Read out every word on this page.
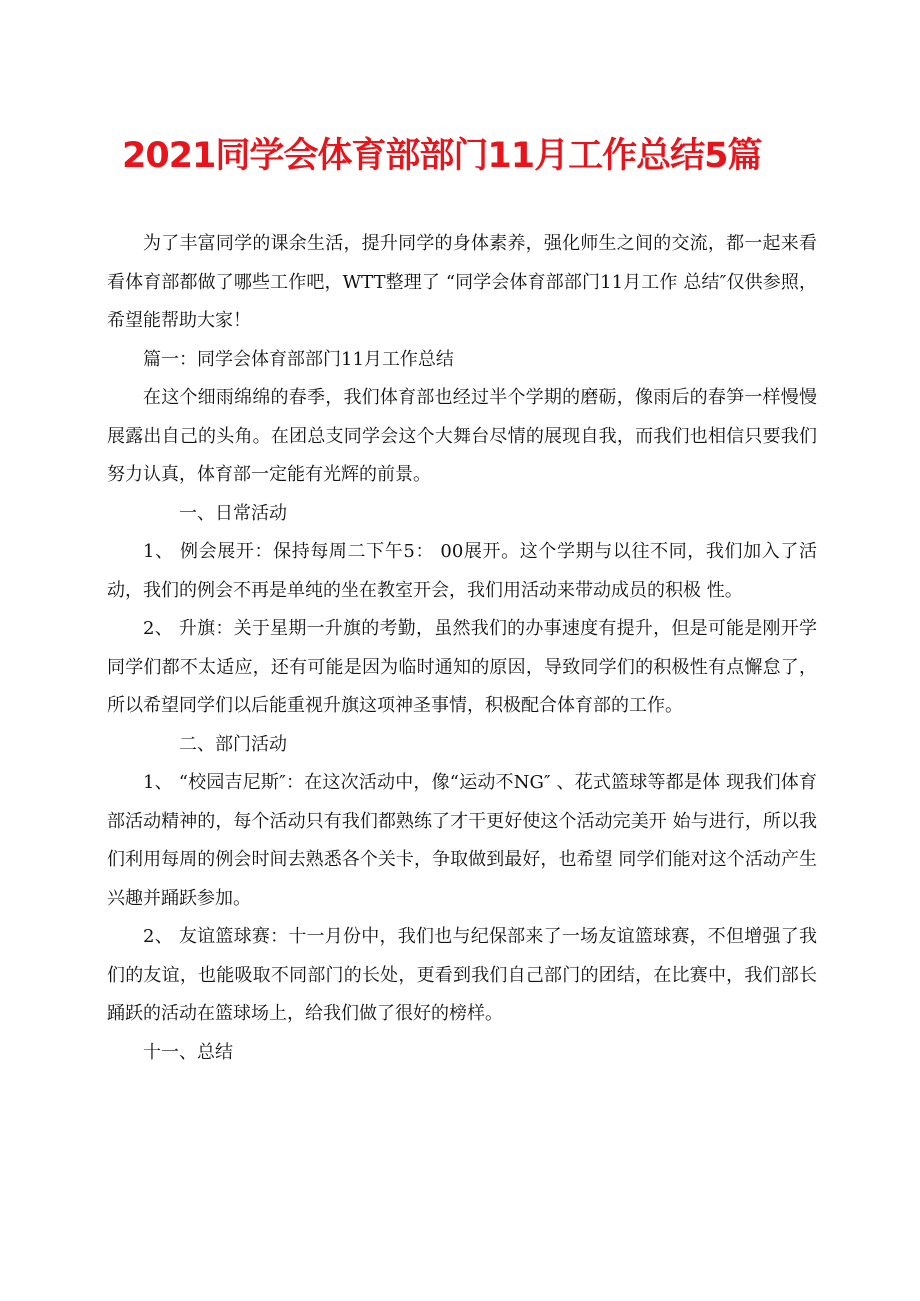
2021同学会体育部部门11月工作总结5篇

为了丰富同学的课余生活，提升同学的身体素养，强化师生之间的交流，都一起来看看体育部都做了哪些工作吧，WTT整理了 “同学会体育部部门11月工作 总结″仅供参照，希望能帮助大家！

篇一：同学会体育部部门11月工作总结

在这个细雨绵绵的春季，我们体育部也经过半个学期的磨砺，像雨后的春笋一样慢慢展露出自己的头角。在团总支同学会这个大舞台尽情的展现自我，而我们也相信只要我们努力认真，体育部一定能有光辉的前景。

一、日常活动

1、 例会展开：保持每周二下午5： 00展开。这个学期与以往不同，我们加入了活动，我们的例会不再是单纯的坐在教室开会，我们用活动来带动成员的积极 性。

2、 升旗：关于星期一升旗的考勤，虽然我们的办事速度有提升，但是可能是刚开学同学们都不太适应，还有可能是因为临时通知的原因，导致同学们的积极性有点懈怠了，所以希望同学们以后能重视升旗这项神圣事情，积极配合体育部的工作。

二、部门活动

1、 “校园吉尼斯″：在这次活动中，像“运动不NG″ 、花式篮球等都是体 现我们体育部活动精神的，每个活动只有我们都熟练了才干更好使这个活动完美开 始与进行，所以我们利用每周的例会时间去熟悉各个关卡，争取做到最好，也希望 同学们能对这个活动产生兴趣并踊跃参加。

2、 友谊篮球赛：十一月份中，我们也与纪保部来了一场友谊篮球赛，不但增强了我们的友谊，也能吸取不同部门的长处，更看到我们自己部门的团结，在比赛中，我们部长踊跃的活动在篮球场上，给我们做了很好的榜样。

十一、总结
